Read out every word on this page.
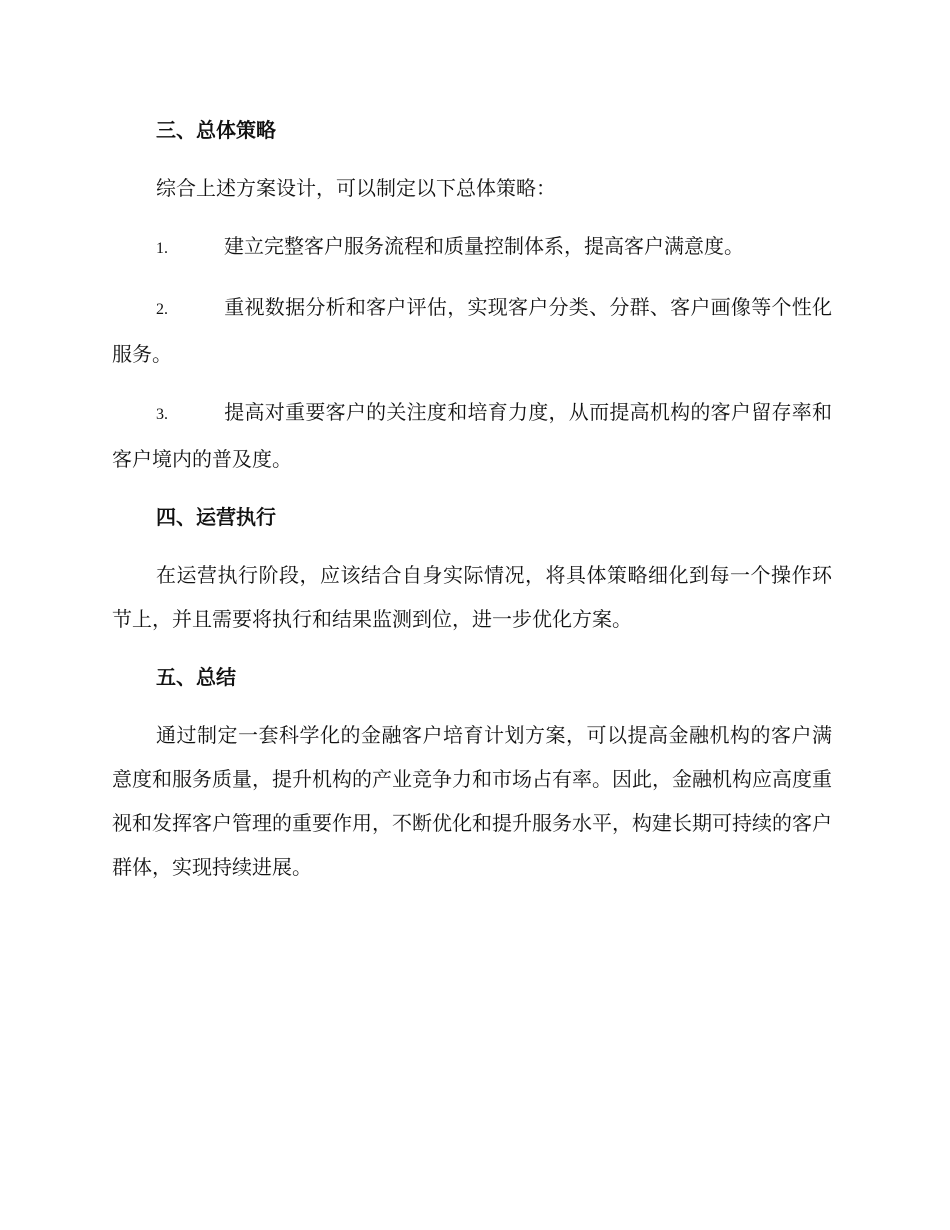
三、总体策略

综合上述方案设计，可以制定以下总体策略：

1.	建立完整客户服务流程和质量控制体系，提高客户满意度。

2.	重视数据分析和客户评估，实现客户分类、分群、客户画像等个性化服务。

3.	提高对重要客户的关注度和培育力度，从而提高机构的客户留存率和客户境内的普及度。

四、运营执行

在运营执行阶段，应该结合自身实际情况，将具体策略细化到每一个操作环节上，并且需要将执行和结果监测到位，进一步优化方案。

五、总结

通过制定一套科学化的金融客户培育计划方案，可以提高金融机构的客户满意度和服务质量，提升机构的产业竞争力和市场占有率。因此，金融机构应高度重视和发挥客户管理的重要作用，不断优化和提升服务水平，构建长期可持续的客户群体，实现持续进展。
